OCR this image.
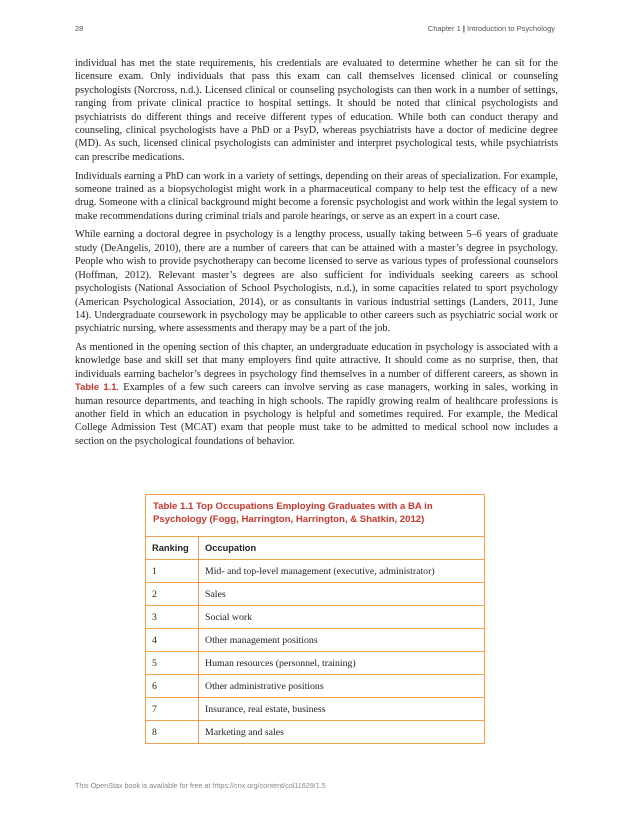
28	Chapter 1 | Introduction to Psychology

individual has met the state requirements, his credentials are evaluated to determine whether he can sit for the licensure exam. Only individuals that pass this exam can call themselves licensed clinical or counseling psychologists (Norcross, n.d.). Licensed clinical or counseling psychologists can then work in a number of settings, ranging from private clinical practice to hospital settings. It should be noted that clinical psychologists and psychiatrists do different things and receive different types of education. While both can conduct therapy and counseling, clinical psychologists have a PhD or a PsyD, whereas psychiatrists have a doctor of medicine degree (MD). As such, licensed clinical psychologists can administer and interpret psychological tests, while psychiatrists can prescribe medications.

Individuals earning a PhD can work in a variety of settings, depending on their areas of specialization. For example, someone trained as a biopsychologist might work in a pharmaceutical company to help test the efficacy of a new drug. Someone with a clinical background might become a forensic psychologist and work within the legal system to make recommendations during criminal trials and parole hearings, or serve as an expert in a court case.

While earning a doctoral degree in psychology is a lengthy process, usually taking between 5–6 years of graduate study (DeAngelis, 2010), there are a number of careers that can be attained with a master’s degree in psychology. People who wish to provide psychotherapy can become licensed to serve as various types of professional counselors (Hoffman, 2012). Relevant master’s degrees are also sufficient for individuals seeking careers as school psychologists (National Association of School Psychologists, n.d.), in some capacities related to sport psychology (American Psychological Association, 2014), or as consultants in various industrial settings (Landers, 2011, June 14). Undergraduate coursework in psychology may be applicable to other careers such as psychiatric social work or psychiatric nursing, where assessments and therapy may be a part of the job.

As mentioned in the opening section of this chapter, an undergraduate education in psychology is associated with a knowledge base and skill set that many employers find quite attractive. It should come as no surprise, then, that individuals earning bachelor’s degrees in psychology find themselves in a number of different careers, as shown in Table 1.1. Examples of a few such careers can involve serving as case managers, working in sales, working in human resource departments, and teaching in high schools. The rapidly growing realm of healthcare professions is another field in which an education in psychology is helpful and sometimes required. For example, the Medical College Admission Test (MCAT) exam that people must take to be admitted to medical school now includes a section on the psychological foundations of behavior.

Table 1.1 Top Occupations Employing Graduates with a BA in Psychology (Fogg, Harrington, Harrington, & Shatkin, 2012)
Ranking	Occupation
1	Mid- and top-level management (executive, administrator)
2	Sales
3	Social work
4	Other management positions
5	Human resources (personnel, training)
6	Other administrative positions
7	Insurance, real estate, business
8	Marketing and sales
This OpenStax book is available for free at https://cnx.org/content/col11629/1.5
